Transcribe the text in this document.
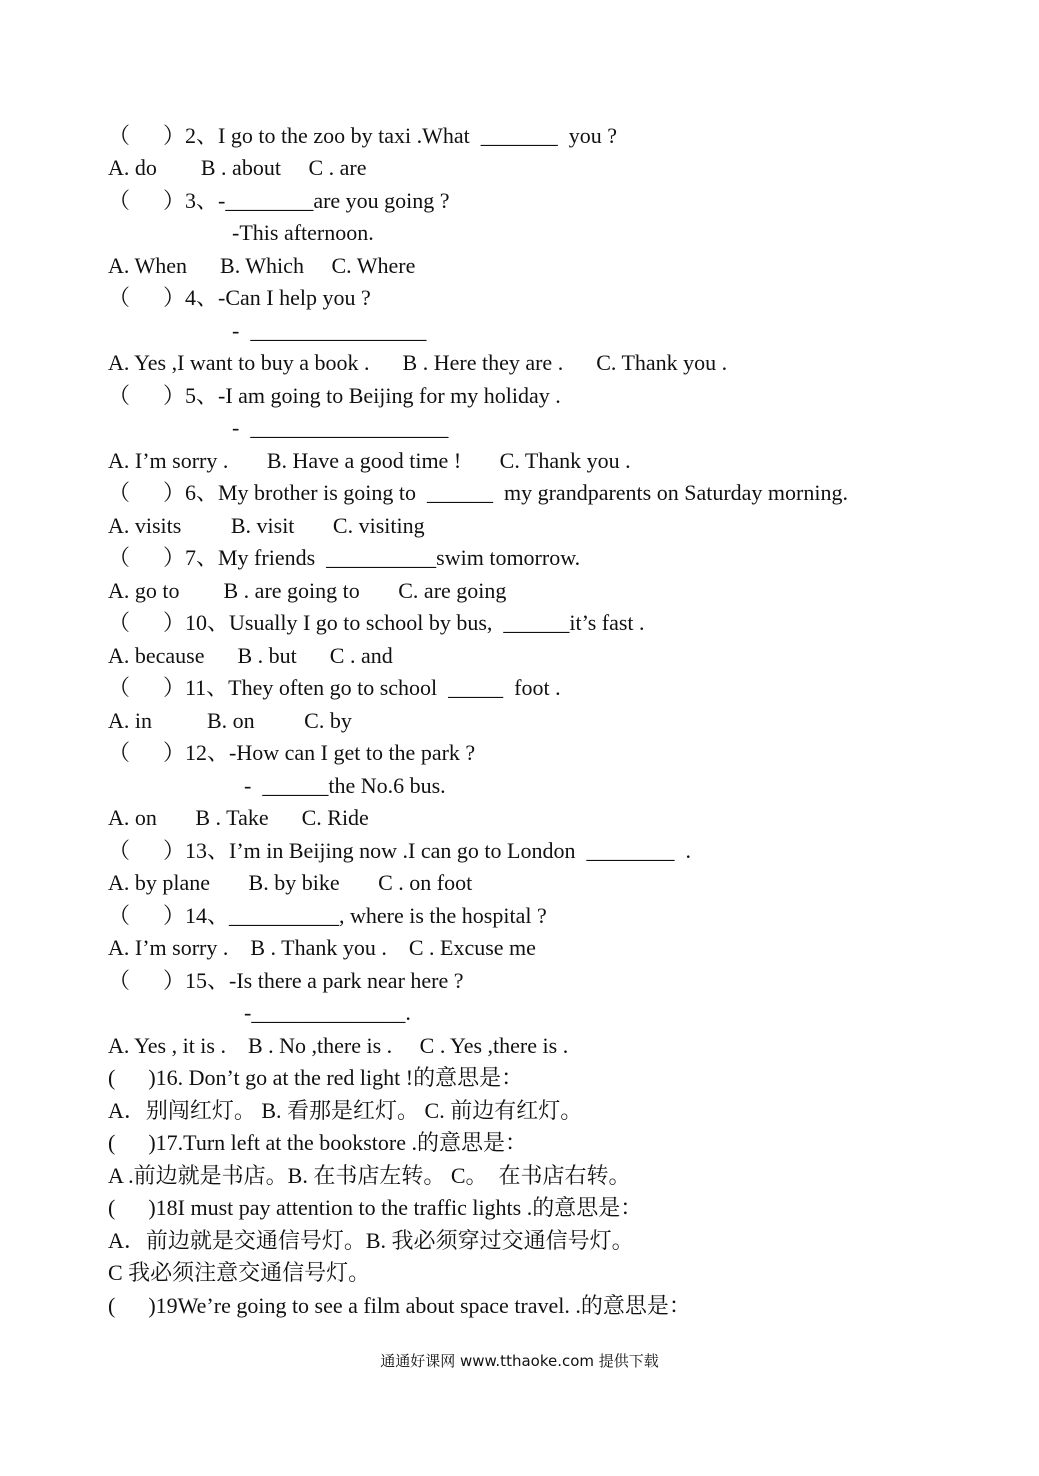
（      ）2、I go to the zoo by taxi .What  _______  you ?
A. do        B . about     C . are
（      ）3、-________are you going ?
-This afternoon.
A. When      B. Which     C. Where
（      ）4、-Can I help you ?
-  ________________
A. Yes ,I want to buy a book .      B . Here they are .      C. Thank you .
（      ）5、-I am going to Beijing for my holiday .
-  __________________
A. I’m sorry .       B. Have a good time !       C. Thank you .
（      ）6、My brother is going to  ______  my grandparents on Saturday morning.
A. visits         B. visit       C. visiting
（      ）7、My friends  __________swim tomorrow.
A. go to        B . are going to       C. are going
（      ）10、Usually I go to school by bus,  ______it’s fast .
A. because      B . but      C . and
（      ）11、They often go to school  _____  foot .
A. in          B. on         C. by
（      ）12、-How can I get to the park ?
-  ______the No.6 bus.
A. on       B . Take      C. Ride
（      ）13、I’m in Beijing now .I can go to London  ________  .
A. by plane       B. by bike       C . on foot
（      ）14、__________, where is the hospital ?
A. I’m sorry .    B . Thank you .    C . Excuse me
（      ）15、-Is there a park near here ?
-______________.
A. Yes , it is .    B . No ,there is .     C . Yes ,there is .
(      )16. Don’t go at the red light !的意思是：
A．别闯红灯。 B. 看那是红灯。 C. 前边有红灯。
(      )17.Turn left at the bookstore .的意思是：
A .前边就是书店。B. 在书店左转。 C。  在书店右转。
(      )18I must pay attention to the traffic lights .的意思是：
A．前边就是交通信号灯。B. 我必须穿过交通信号灯。
C 我必须注意交通信号灯。
(      )19We’re going to see a film about space travel. .的意思是：
通通好课网 www.tthaoke.com 提供下载
